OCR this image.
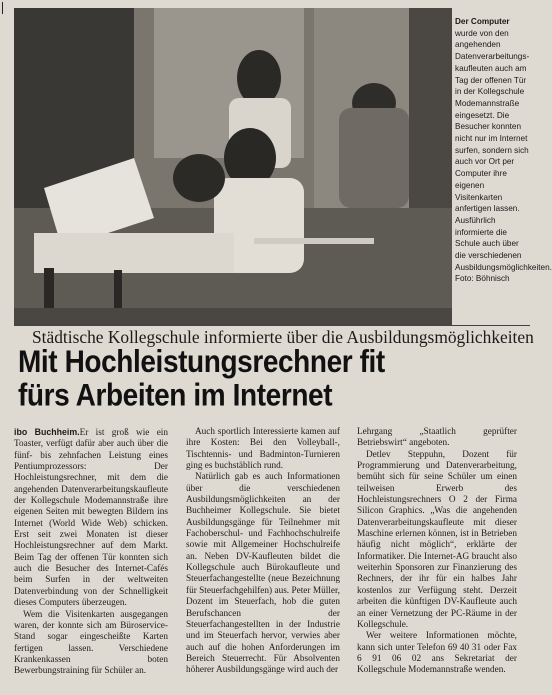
Der Computer
wurde von den angehenden Datenverarbeitungs-kaufleuten auch am Tag der offenen Tür in der Kollegschule Modemannstraße eingesetzt. Die Besucher konnten nicht nur im Internet surfen, sondern sich auch vor Ort per Computer ihre eigenen Visitenkarten anfertigen lassen. Ausführlich informierte die Schule auch über die verschiedenen Ausbildungsmöglichkeiten.
Foto: Böhnisch
Städtische Kollegschule informierte über die Ausbildungsmöglichkeiten
Mit Hochleistungsrechner fit
fürs Arbeiten im Internet

ibo Buchheim.Er ist groß wie ein Toaster, verfügt dafür aber auch über die fünf- bis zehnfachen Leistung eines Pentiumprozessors: Der Hochleistungsrechner, mit dem die angehenden Datenverarbeitungskaufleute der Kollegschule Modemannstraße ihre eigenen Seiten mit bewegten Bildern ins Internet (World Wide Web) schicken. Erst seit zwei Monaten ist dieser Hochleistungsrechner auf dem Markt. Beim Tag der offenen Tür konnten sich auch die Besucher des Internet-Cafés beim Surfen in der weltweiten Datenverbindung von der Schnelligkeit dieses Computers überzeugen.

Wem die Visitenkarten ausgegangen waren, der konnte sich am Büroservice-Stand sogar eingescheißte Karten fertigen lassen. Verschiedene Krankenkassen boten Bewerbungstraining für Schüler an.

Auch sportlich Interessierte kamen auf ihre Kosten: Bei den Volleyball-, Tischtennis- und Badminton-Turnieren ging es buchstäblich rund.

Natürlich gab es auch Informationen über die verschiedenen Ausbildungsmöglichkeiten an der Buchheimer Kollegschule. Sie bietet Ausbildungsgänge für Teilnehmer mit Fachoberschul- und Fachhochschulreife sowie mit Allgemeiner Hochschulreife an. Neben DV-Kaufleuten bildet die Kollegschule auch Bürokaufleute und Steuerfachangestellte (neue Bezeichnung für Steuerfachgehilfen) aus. Peter Müller, Dozent im Steuerfach, hob die guten Berufschancen der Steuerfachangestellten in der Industrie und im Steuerfach hervor, verwies aber auch auf die hohen Anforderungen im Bereich Steuerrecht. Für Absolventen höherer Ausbildungsgänge wird auch der

Lehrgang „Staatlich geprüfter Betriebswirt“ angeboten.

Detlev Steppuhn, Dozent für Programmierung und Datenverarbeitung, bemüht sich für seine Schüler um einen teilweisen Erwerb des Hochleistungsrechners O 2 der Firma Silicon Graphics. „Was die angehenden Datenverarbeitungskaufleute mit dieser Maschine erlernen können, ist in Betrieben häufig nicht möglich“, erklärte der Informatiker. Die Internet-AG braucht also weiterhin Sponsoren zur Finanzierung des Rechners, der ihr für ein halbes Jahr kostenlos zur Verfügung steht. Derzeit arbeiten die künftigen DV-Kaufleute auch an einer Vernetzung der PC-Räume in der Kollegschule.

Wer weitere Informationen möchte, kann sich unter Telefon 69 40 31 oder Fax 6 91 06 02 ans Sekretariat der Kollegschule Modemannstraße wenden.
